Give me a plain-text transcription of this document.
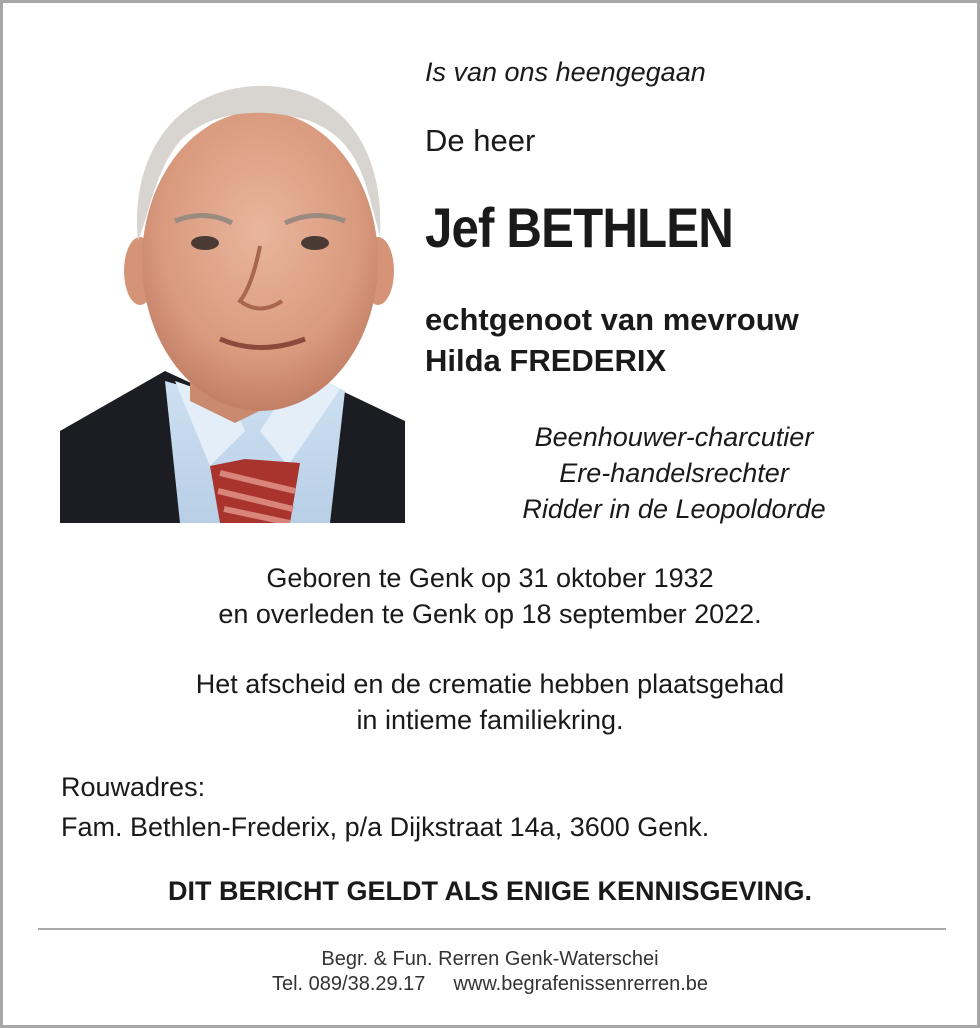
Is van ons heengegaan
De heer
Jef BETHLEN
echtgenoot van mevrouw
Hilda FREDERIX
Beenhouwer-charcutier
Ere-handelsrechter
Ridder in de Leopoldorde
Geboren te Genk op 31 oktober 1932
en overleden te Genk op 18 september 2022.
Het afscheid en de crematie hebben plaatsgehad
in intieme familiekring.
Rouwadres:
Fam. Bethlen-Frederix, p/a Dijkstraat 14a, 3600 Genk.
DIT BERICHT GELDT ALS ENIGE KENNISGEVING.
Begr. & Fun. Rerren Genk-Waterschei
Tel. 089/38.29.17 www.begrafenissenrerren.be
